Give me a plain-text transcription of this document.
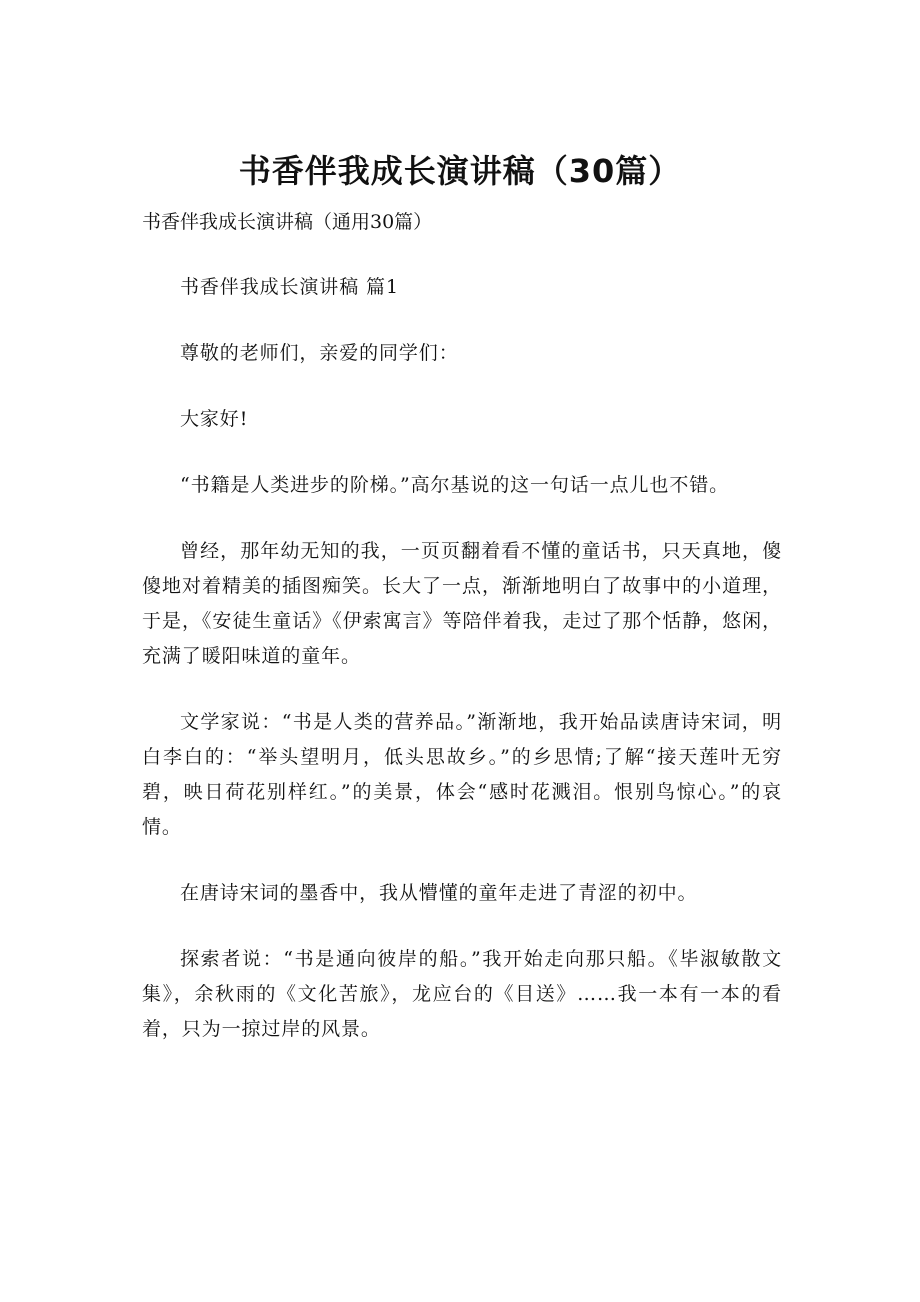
书香伴我成长演讲稿（30篇）

书香伴我成长演讲稿（通用30篇）

书香伴我成长演讲稿 篇1

尊敬的老师们，亲爱的同学们：

大家好!

“书籍是人类进步的阶梯。”高尔基说的这一句话一点儿也不错。

曾经，那年幼无知的我，一页页翻着看不懂的童话书，只天真地，傻傻地对着精美的插图痴笑。长大了一点，渐渐地明白了故事中的小道理，于是，《安徒生童话》《伊索寓言》等陪伴着我，走过了那个恬静，悠闲，充满了暖阳味道的童年。

文学家说：“书是人类的营养品。”渐渐地，我开始品读唐诗宋词，明白李白的：“举头望明月，低头思故乡。”的乡思情;了解“接天莲叶无穷碧，映日荷花别样红。”的美景，体会“感时花溅泪。恨别鸟惊心。”的哀情。

在唐诗宋词的墨香中，我从懵懂的童年走进了青涩的初中。

探索者说：“书是通向彼岸的船。”我开始走向那只船。《毕淑敏散文集》，余秋雨的《文化苦旅》，龙应台的《目送》……我一本有一本的看着，只为一掠过岸的风景。
